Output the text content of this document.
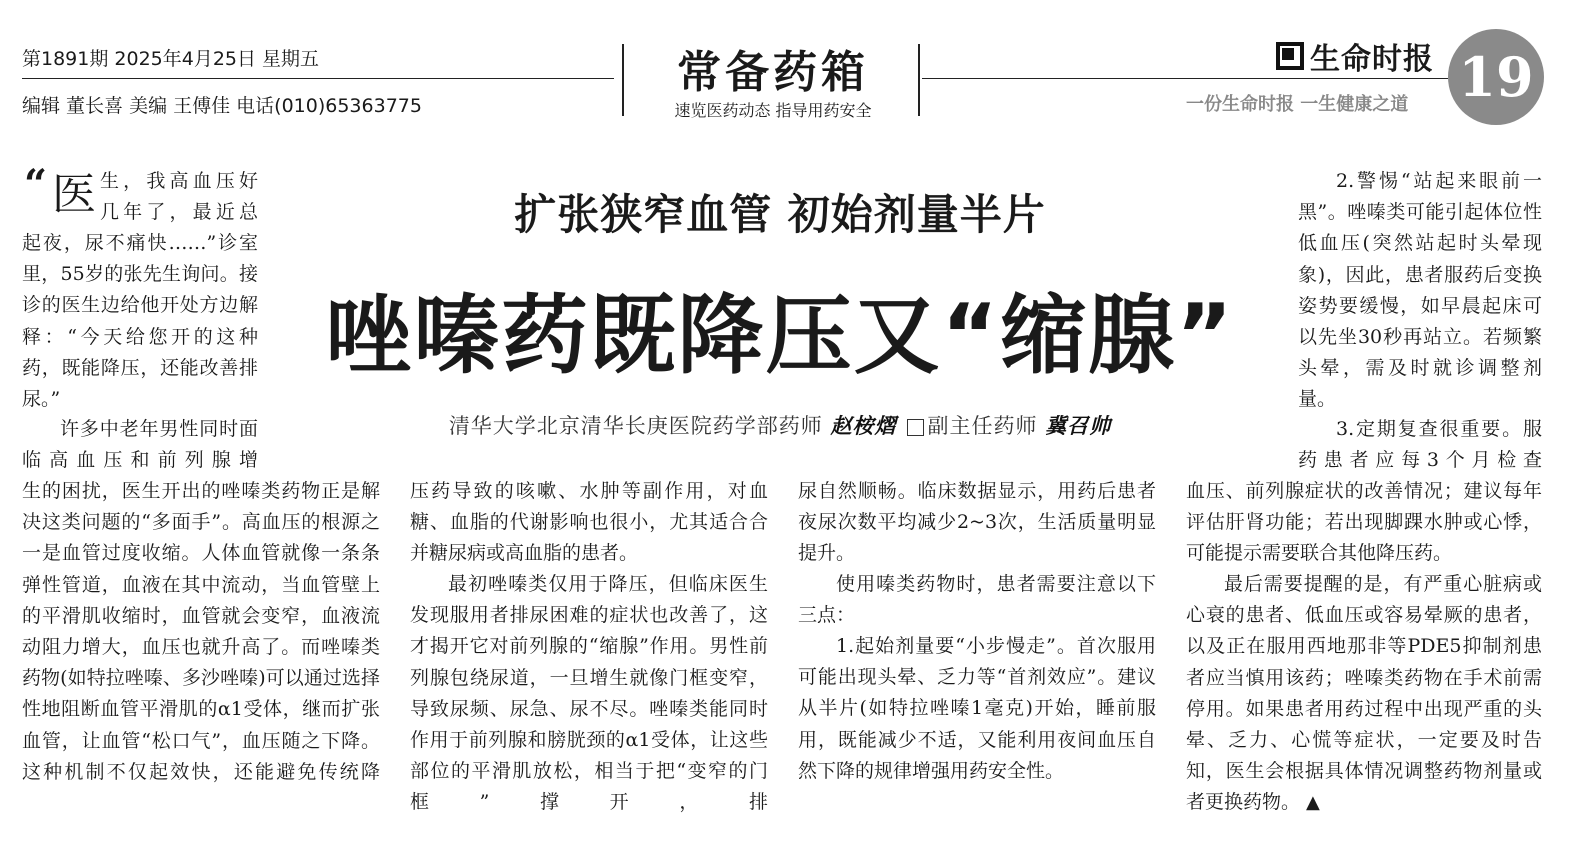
第1891期 2025年4月25日 星期五
编辑 董长喜 美编 王傅佳 电话(010)65363775
常备药箱
速览医药动态 指导用药安全
生命时报
一份生命时报 一生健康之道 19
扩张狭窄血管 初始剂量半片
唑嗪药既降压又“缩腺”
清华大学北京清华长庚医院药学部药师 赵桉熠 副主任药师 冀召帅
“ 医 生，我高血压好
几年了，最近总
起夜，尿不痛快……”诊室里，55岁的张先生询问。接诊的医生边给他开处方边解释：“今天给您开的这种药，既能降压，还能改善排尿。”
许多中老年男性同时面临高血压和前列腺增
生的困扰，医生开出的唑嗪类药物正是解决这类问题的“多面手”。高血压的根源之一是血管过度收缩。人体血管就像一条条弹性管道，血液在其中流动，当血管壁上的平滑肌收缩时，血管就会变窄，血液流动阻力增大，血压也就升高了。而唑嗪类药物(如特拉唑嗪、多沙唑嗪)可以通过选择性地阻断血管平滑肌的α1受体，继而扩张血管，让血管“松口气”，血压随之下降。这种机制不仅起效快，还能避免传统降
压药导致的咳嗽、水肿等副作用，对血糖、血脂的代谢影响也很小，尤其适合合并糖尿病或高血脂的患者。
最初唑嗪类仅用于降压，但临床医生发现服用者排尿困难的症状也改善了，这才揭开它对前列腺的“缩腺”作用。男性前列腺包绕尿道，一旦增生就像门框变窄，导致尿频、尿急、尿不尽。唑嗪类能同时作用于前列腺和膀胱颈的α1受体，让这些部位的平滑肌放松，相当于把“变窄的门框”撑开，排
尿自然顺畅。临床数据显示，用药后患者夜尿次数平均减少2~3次，生活质量明显提升。
使用嗪类药物时，患者需要注意以下三点：
1.起始剂量要“小步慢走”。首次服用可能出现头晕、乏力等“首剂效应”。建议从半片(如特拉唑嗪1毫克)开始，睡前服用，既能减少不适，又能利用夜间血压自然下降的规律增强用药安全性。
2.警惕“站起来眼前一黑”。唑嗪类可能引起体位性低血压(突然站起时头晕现象)，因此，患者服药后变换姿势要缓慢，如早晨起床可以先坐30秒再站立。若频繁头晕，需及时就诊调整剂量。
3.定期复查很重要。服药患者应每3个月检查
血压、前列腺症状的改善情况；建议每年评估肝肾功能；若出现脚踝水肿或心悸，可能提示需要联合其他降压药。
最后需要提醒的是，有严重心脏病或心衰的患者、低血压或容易晕厥的患者，以及正在服用西地那非等PDE5抑制剂患者应当慎用该药；唑嗪类药物在手术前需停用。如果患者用药过程中出现严重的头晕、乏力、心慌等症状，一定要及时告知，医生会根据具体情况调整药物剂量或者更换药物。 ▲
